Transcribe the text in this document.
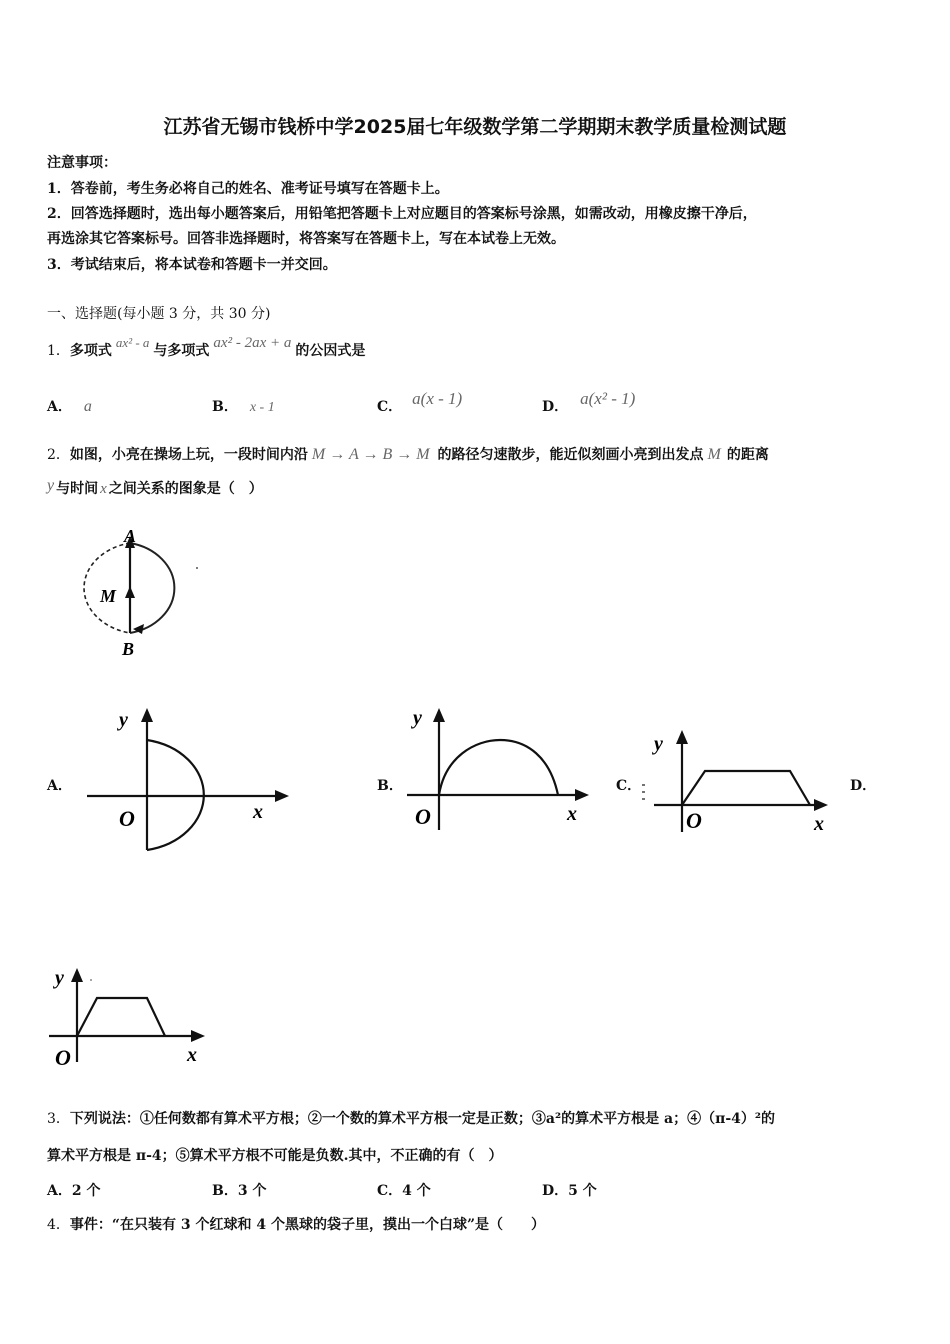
江苏省无锡市钱桥中学2025届七年级数学第二学期期末教学质量检测试题
注意事项：
1．答卷前，考生务必将自己的姓名、准考证号填写在答题卡上。
2．回答选择题时，选出每小题答案后，用铅笔把答题卡上对应题目的答案标号涂黑，如需改动，用橡皮擦干净后，
再选涂其它答案标号。回答非选择题时，将答案写在答题卡上，写在本试卷上无效。
3．考试结束后，将本试卷和答题卡一并交回。
一、选择题(每小题 3 分，共 30 分)
1．多项式ax² - a与多项式 ax² - 2ax + a 的公因式是
A． a	B． x - 1	C． a(x - 1)	D． a(x² - 1)
2．如图，小亮在操场上玩，一段时间内沿 M → A → B → M 的路径匀速散步，能近似刻画小亮到出发点 M 的距离
y 与时间 x 之间关系的图象是（　）
A
M
B
A．	B．	C．	D．
y
x
O
y
x
O
y
x
O
y
x
O
3．下列说法：①任何数都有算术平方根；②一个数的算术平方根一定是正数；③a²的算术平方根是 a；④（π-4）²的
算术平方根是 π-4；⑤算术平方根不可能是负数.其中，不正确的有（　）
A．2 个	B．3 个	C．4 个	D．5 个
4．事件：“在只装有 3 个红球和 4 个黑球的袋子里，摸出一个白球”是（　　）
